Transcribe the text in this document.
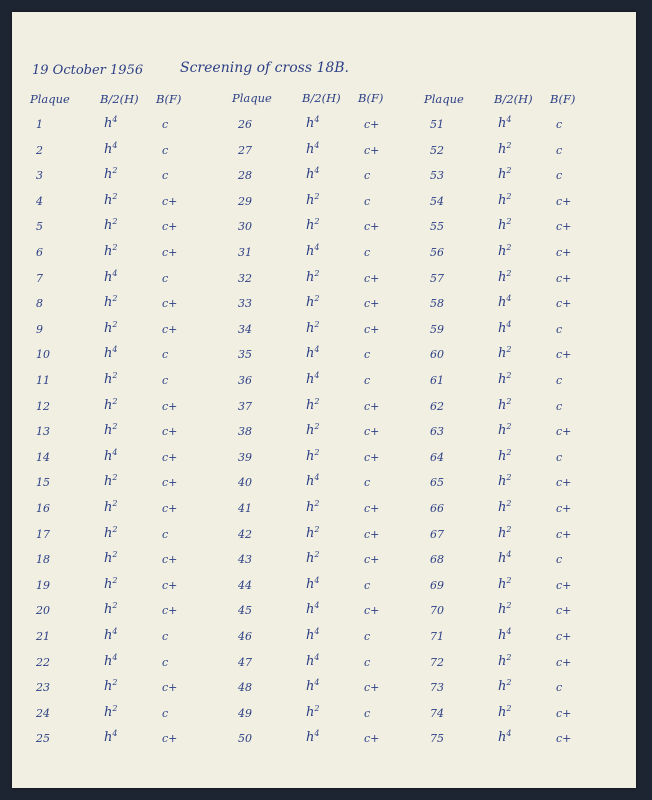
19 October 1956	Screening of cross 18B.
Plaque	B/2(H) B(F)
1	$h^4$	c
2	$h^4$	c
3	$h^2$	c
4	$h^2$	c+
5	$h^2$	c+
6	$h^2$	c+
7	$h^4$	c
8	$h^2$	c+
9	$h^2$	c+
10	$h^4$	c
11	$h^2$	c
12	$h^2$	c+
13	$h^2$	c+
14	$h^4$	c+
15	$h^2$	c+
16	$h^2$	c+
17	$h^2$	c
18	$h^2$	c+
19	$h^2$	c+
20	$h^2$	c+
21	$h^4$	c
22	$h^4$	c
23	$h^2$	c+
24	$h^2$	c
25	$h^4$	c+
Plaque	B/2(H) B(F)
26	$h^4$	c+
27	$h^4$	c+
28	$h^4$	c
29	$h^2$	c
30	$h^2$	c+
31	$h^4$	c
32	$h^2$	c+
33	$h^2$	c+
34	$h^2$	c+
35	$h^4$	c
36	$h^4$	c
37	$h^2$	c+
38	$h^2$	c+
39	$h^2$	c+
40	$h^4$	c
41	$h^2$	c+
42	$h^2$	c+
43	$h^2$	c+
44	$h^4$	c
45	$h^4$	c+
46	$h^4$	c
47	$h^4$	c
48	$h^4$	c+
49	$h^2$	c
50	$h^4$	c+
Plaque	B/2(H) B(F)
51	$h^4$	c
52	$h^2$	c
53	$h^2$	c
54	$h^2$	c+
55	$h^2$	c+
56	$h^2$	c+
57	$h^2$	c+
58	$h^4$	c+
59	$h^4$	c
60	$h^2$	c+
61	$h^2$	c
62	$h^2$	c
63	$h^2$	c+
64	$h^2$	c
65	$h^2$	c+
66	$h^2$	c+
67	$h^2$	c+
68	$h^4$	c
69	$h^2$	c+
70	$h^2$	c+
71	$h^4$	c+
72	$h^2$	c+
73	$h^2$	c
74	$h^2$	c+
75	$h^4$	c+
